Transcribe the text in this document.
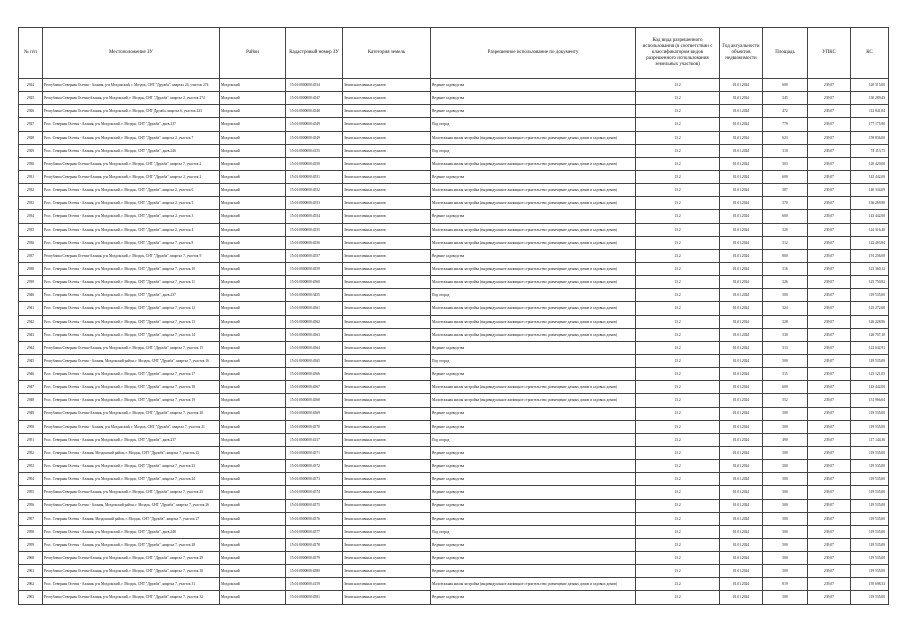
№ п/п	Местоположение ЗУ	Район	Кадастровый номер ЗУ	Категория земель	Разрешенное использование по документу	Код вида разрешенного использования (в соответствии с классификатором видов разрешенного использования земельных участков)	Год актуальности объектов недвижимости	Площадь	УПКС	КС
2924	Республика Северная Осетия - Алания, р-н Моздокский, г. Моздок, СНТ "Дружба", квартал 24, участок 274	Моздокский	15:01:0000000:4534	Земли населенных пунктов	Ведение садоводства	13.2	01.01.2024	600	239,07	120 515,00
2925	Республика Северная Осетия-Алания, р-н Моздокский, г. Моздок, СНТ "Дружба", квартал 2, участок 274	Моздокский	15:01:0000000:4547	Земли населенных пунктов	Ведение садоводства	13.2	01.01.2024	545	239,07	130 289,43
2926	Республика Северная Осетия-Алания, р-н Моздокский, г. Моздок, СНТ Дружба, квартал 6, участок 223	Моздокский	15:01:0000000:4548	Земли населенных пунктов	Ведение садоводства	13.2	01.01.2024	472	239,07	112 841,04
2927	Росс. Северная Осетия - Алания, р-н Моздокский, г. Моздок, СНТ "Дружба", днев.237	Моздокский	15:01:0000000:4549	Земли населенных пунктов	Под огород	13.2	01.01.2024	779	239,07	177 175,90
2928	Росс. Северная Осетия - Алания, р-н Моздокский, г. Моздок, СНТ "Дружба", квартал 2, участок 7	Моздокский	15:01:0000000:4549	Земли населенных пунктов	Малоэтажная жилая застройка (индивидуальное жилищное строительство; размещение дачных домов и садовых домов)	13.2	01.01.2024	623	239,07	159 836,00
2929	Росс. Северная Осетия - Алания, р-н Моздокский, г. Моздок, СНТ "Дружба", днев.246	Моздокский	15:01:0000000:4155	Земли населенных пунктов	Под огород	13.2	01.01.2024	310	239,07	74 113,75
2930	Республика Северная Осетия-Алания, р-н Моздокский, г. Моздок, СНТ "Дружба", квартал 7, участок 2	Моздокский	15:01:0000000:4550	Земли населенных пунктов	Малоэтажная жилая застройка (индивидуальное жилищное строительство; размещение дачных домов и садовых домов)	13.2	01.01.2024	503	239,07	120 420,00
2931	Республика Северная Осетия-Алания, р-н Моздокский, г. Моздок, СНТ "Дружба", квартал 2, участок 2	Моздокский	15:01:0000000:4551	Земли населенных пунктов	Ведение садоводства	13.2	01.01.2024	600	239,07	143 442,00
2932	Росс. Северная Осетия - Алания, р-н Моздокский, г. Моздок, СНТ "Дружба", квартал 2, участок 6	Моздокский	15:01:0000000:4552	Земли населенных пунктов	Малоэтажная жилая застройка (индивидуальное жилищное строительство; размещение дачных домов и садовых домов)	13.2	01.01.2024	587	239,07	140 334,09
2933	Росс. Северная Осетия - Алания, р-н Моздокский, г. Моздок, СНТ "Дружба", квартал 2, участок 5	Моздокский	15:01:0000000:4553	Земли населенных пунктов	Малоэтажная жилая застройка (индивидуальное жилищное строительство; размещение дачных домов и садовых домов)	13.2	01.01.2024	570	239,07	136 269,90
2934	Росс. Северная Осетия - Алания, р-н Моздокский, г. Моздок, СНТ "Дружба", квартал 2, участок 3	Моздокский	15:01:0000000:4554	Земли населенных пунктов	Ведение садоводства	13.2	01.01.2024	600	239,07	143 442,00
2935	Росс. Северная Осетия - Алания, р-н Моздокский, г. Моздок, СНТ "Дружба", квартал 2, участок 4	Моздокский	15:01:0000000:4555	Земли населенных пунктов	Малоэтажная жилая застройка (индивидуальное жилищное строительство; размещение дачных домов и садовых домов)	13.2	01.01.2024	520	239,07	124 316,40
2936	Росс. Северная Осетия - Алания, р-н Моздокский, г. Моздок, СНТ "Дружба", квартал 7, участок 8	Моздокский	15:01:0000000:4556	Земли населенных пунктов	Малоэтажная жилая застройка (индивидуальное жилищное строительство; размещение дачных домов и садовых домов)	13.2	01.01.2024	512	239,07	122 403,84
2937	Республика Северная Осетия-Алания, р-н Моздокский, г. Моздок, СНТ "Дружба", квартал 7, участок 9	Моздокский	15:01:0000000:4557	Земли населенных пунктов	Ведение садоводства	13.2	01.01.2024	800	239,07	191 256,00
2938	Росс. Северная Осетия - Алания, р-н Моздокский, г. Моздок, СНТ "Дружба", квартал 7, участок 10	Моздокский	15:01:0000000:4559	Земли населенных пунктов	Малоэтажная жилая застройка (индивидуальное жилищное строительство; размещение дачных домов и садовых домов)	13.2	01.01.2024	516	239,07	123 360,12
2939	Росс. Северная Осетия - Алания, р-н Моздокский, г. Моздок, СНТ "Дружба", квартал 7, участок 11	Моздокский	15:01:0000000:4560	Земли населенных пунктов	Малоэтажная жилая застройка (индивидуальное жилищное строительство; размещение дачных домов и садовых домов)	13.2	01.01.2024	526	239,07	125 750,82
2940	Росс. Северная Осетия - Алания, р-н Моздокский, г. Моздок, СНТ "Дружба", днев.237	Моздокский	15:01:0000000:3455	Земли населенных пунктов	Под огород	13.2	01.01.2024	500	239,07	119 535,00
2941	Росс. Северная Осетия - Алания, р-н Моздокский, г. Моздок, СНТ "Дружба", квартал 7, участок 12	Моздокский	15:01:0000000:4561	Земли населенных пунктов	Малоэтажная жилая застройка (индивидуальное жилищное строительство; размещение дачных домов и садовых домов)	13.2	01.01.2024	524	239,07	125 272,68
2942	Росс. Северная Осетия - Алания, р-н Моздокский, г. Моздок, СНТ "Дружба", квартал 7, участок 13	Моздокский	15:01:0000000:4562	Земли населенных пунктов	Малоэтажная жилая застройка (индивидуальное жилищное строительство; размещение дачных домов и садовых домов)	13.2	01.01.2024	528	239,07	126 228,96
2943	Росс. Северная Осетия - Алания, р-н Моздокский, г. Моздок, СНТ "Дружба", квартал 7, участок 14	Моздокский	15:01:0000000:4563	Земли населенных пунктов	Малоэтажная жилая застройка (индивидуальное жилищное строительство; размещение дачных домов и садовых домов)	13.2	01.01.2024	530	239,07	126 707,10
2944	Республика Северная Осетия-Алания, р-н Моздокский, г. Моздок, СНТ "Дружба", квартал 7, участок 15	Моздокский	15:01:0000000:4564	Земли населенных пунктов	Ведение садоводства	13.2	01.01.2024	513	239,07	122 642,91
2945	Республика Северная Осетия - Алания, Моздокский район, г. Моздок, СНТ "Дружба", квартал 7, участок 16	Моздокский	15:01:0000000:4565	Земли населенных пунктов	Под огород	13.2	01.01.2024	500	239,07	119 535,00
2946	Росс. Северная Осетия - Алания, р-н Моздокский, г. Моздок, СНТ "Дружба", квартал 7, участок 17	Моздокский	15:01:0000000:4566	Земли населенных пунктов	Ведение садоводства	13.2	01.01.2024	515	239,07	123 121,05
2947	Росс. Северная Осетия - Алания, р-н Моздокский, г. Моздок, СНТ "Дружба", квартал 7, участок 18	Моздокский	15:01:0000000:4567	Земли населенных пунктов	Малоэтажная жилая застройка (индивидуальное жилищное строительство; размещение дачных домов и садовых домов)	13.2	01.01.2024	600	239,07	143 442,00
2948	Росс. Северная Осетия - Алания, р-н Моздокский, г. Моздок, СНТ "Дружба", квартал 7, участок 19	Моздокский	15:01:0000000:4568	Земли населенных пунктов	Малоэтажная жилая застройка (индивидуальное жилищное строительство; размещение дачных домов и садовых домов)	13.2	01.01.2024	552	239,07	131 966,64
2949	Республика Северная Осетия-Алания, р-н Моздокский, г. Моздок, СНТ "Дружба", квартал 7, участок 20	Моздокский	15:01:0000000:4569	Земли населенных пунктов	Ведение садоводства	13.2	01.01.2024	500	239,07	119 535,00
2950	Республика Северная Осетия - Алания, р-н Моздокский, г. Моздок, СНТ "Дружба", квартал 7, участок 21	Моздокский	15:01:0000000:4570	Земли населенных пунктов	Ведение садоводства	13.2	01.01.2024	500	239,07	119 535,00
2951	Росс. Северная Осетия - Алания, р-н Моздокский, г. Моздок, СНТ "Дружба", днев.237	Моздокский	15:01:0000000:4157	Земли населенных пунктов	Под огород	13.2	01.01.2024	490	239,07	117 144,30
2952	Росс. Северная Осетия - Алания, Моздокский район, г. Моздок, СНТ "Дружба", квартал 7, участок 22	Моздокский	15:01:0000000:4571	Земли населенных пунктов	Ведение садоводства	13.2	01.01.2024	500	239,07	119 535,00
2953	Росс. Северная Осетия - Алания, р-н Моздокский, г. Моздок, СНТ "Дружба", квартал 7, участок 23	Моздокский	15:01:0000000:4572	Земли населенных пунктов	Ведение садоводства	13.2	01.01.2024	500	239,07	119 535,00
2954	Росс. Северная Осетия - Алания, р-н Моздокский, г. Моздок, СНТ "Дружба", квартал 7, участок 24	Моздокский	15:01:0000000:4573	Земли населенных пунктов	Ведение садоводства	13.2	01.01.2024	500	239,07	119 535,00
2955	Республика Северная Осетия-Алания, р-н Моздокский, г. Моздок, СНТ "Дружба", квартал 7, участок 25	Моздокский	15:01:0000000:4574	Земли населенных пунктов	Ведение садоводства	13.2	01.01.2024	500	239,07	119 535,00
2956	Республика Северная Осетия - Алания, Моздокский район, г. Моздок, СНТ "Дружба", квартал 7, участок 26	Моздокский	15:01:0000000:4575	Земли населенных пунктов	Ведение садоводства	13.2	01.01.2024	500	239,07	119 535,00
2957	Росс. Северная Осетия - Алания, Моздокский район, г. Моздок, СНТ "Дружба", квартал 7, участок 27	Моздокский	15:01:0000000:4576	Земли населенных пунктов	Ведение садоводства	13.2	01.01.2024	500	239,07	119 535,00
2958	Росс. Северная Осетия - Алания, р-н Моздокский, г. Моздок, СНТ "Дружба", днев.248	Моздокский	15:01:0000000:4577	Земли населенных пунктов	Под огород	13.2	01.01.2024	500	239,07	119 535,00
2959	Росс. Северная Осетия - Алания, р-н Моздокский, г. Моздок, СНТ "Дружба", квартал 7, участок 28	Моздокский	15:01:0000000:4578	Земли населенных пунктов	Ведение садоводства	13.2	01.01.2024	500	239,07	119 535,00
2960	Республика Северная Осетия-Алания, р-н Моздокский, г. Моздок, СНТ "Дружба", квартал 7, участок 29	Моздокский	15:01:0000000:4579	Земли населенных пунктов	Ведение садоводства	13.2	01.01.2024	500	239,07	119 535,00
2961	Республика Северная Осетия-Алания, р-н Моздокский, г. Моздок, СНТ "Дружба", квартал 7, участок 30	Моздокский	15:01:0000000:4580	Земли населенных пунктов	Ведение садоводства	13.2	01.01.2024	500	239,07	119 535,00
2962	Росс. Северная Осетия - Алания, р-н Моздокский, г. Моздок, СНТ "Дружба", квартал 7, участок 31	Моздокский	15:01:0000000:4159	Земли населенных пунктов	Малоэтажная жилая застройка (индивидуальное жилищное строительство; размещение дачных домов и садовых домов)	13.2	01.01.2024	819	239,07	195 698,33
2963	Республика Северная Осетия-Алания, р-н Моздокский, г. Моздок, СНТ "Дружба", квартал 7, участок 32	Моздокский	15:01:0000000:4581	Земли населенных пунктов	Ведение садоводства	13.2	01.01.2024	500	239,07	119 535,00
